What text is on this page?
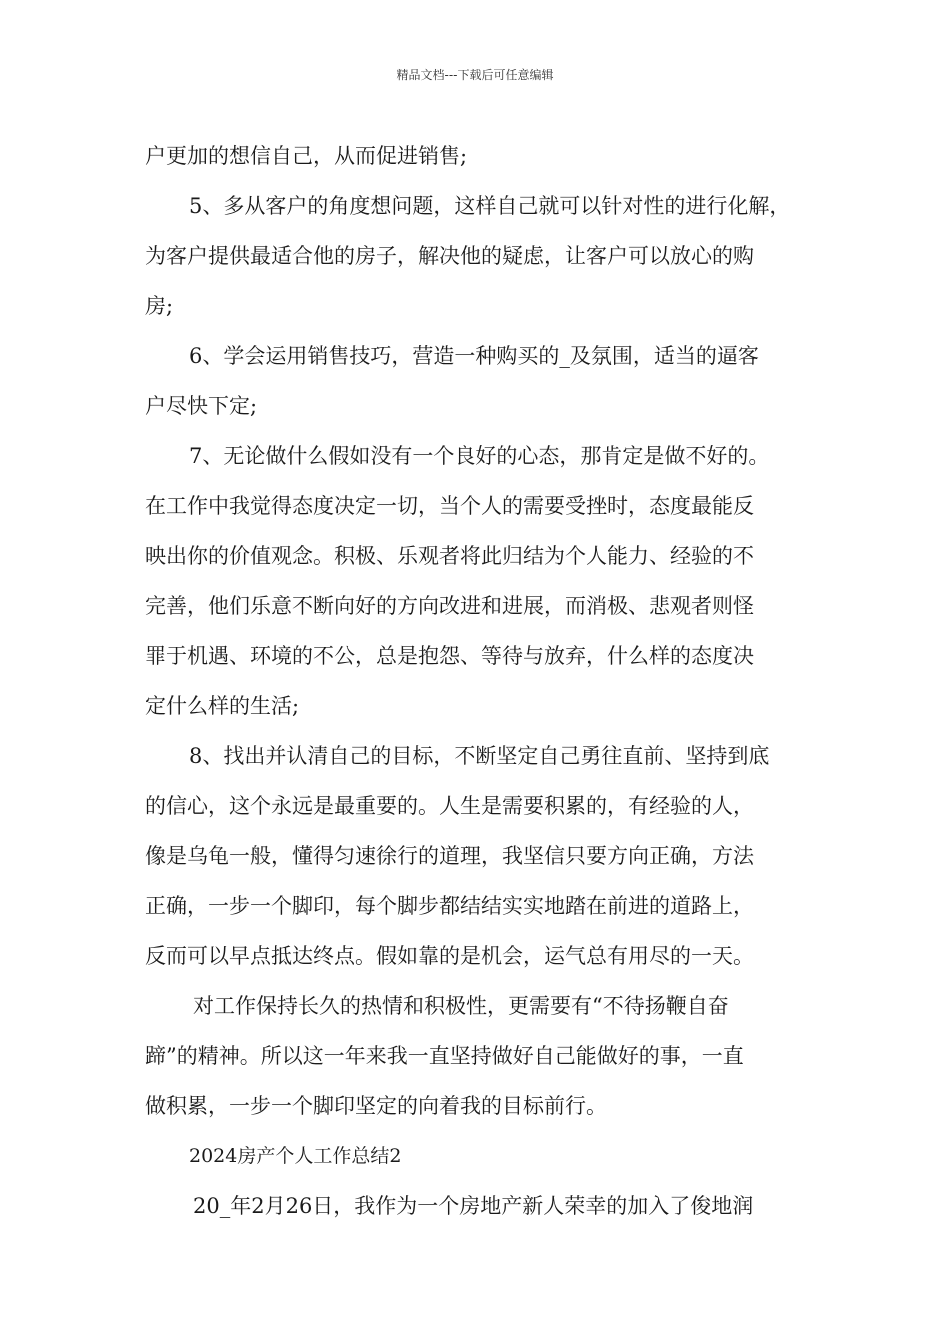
精品文档---下载后可任意编辑
户更加的想信自己，从而促进销售;
5、多从客户的角度想问题，这样自己就可以针对性的进行化解，
为客户提供最适合他的房子，解决他的疑虑，让客户可以放心的购
房;
6、学会运用销售技巧，营造一种购买的_及氛围，适当的逼客
户尽快下定;
7、无论做什么假如没有一个良好的心态，那肯定是做不好的。
在工作中我觉得态度决定一切，当个人的需要受挫时，态度最能反
映出你的价值观念。积极、乐观者将此归结为个人能力、经验的不
完善，他们乐意不断向好的方向改进和进展，而消极、悲观者则怪
罪于机遇、环境的不公，总是抱怨、等待与放弃，什么样的态度决
定什么样的生活;
8、找出并认清自己的目标，不断坚定自己勇往直前、坚持到底
的信心，这个永远是最重要的。人生是需要积累的，有经验的人，
像是乌龟一般，懂得匀速徐行的道理，我坚信只要方向正确，方法
正确，一步一个脚印，每个脚步都结结实实地踏在前进的道路上，
反而可以早点抵达终点。假如靠的是机会，运气总有用尽的一天。
对工作保持长久的热情和积极性，更需要有“不待扬鞭自奋
蹄”的精神。所以这一年来我一直坚持做好自己能做好的事，一直
做积累，一步一个脚印坚定的向着我的目标前行。
2024房产个人工作总结2
20_年2月26日，我作为一个房地产新人荣幸的加入了俊地润
